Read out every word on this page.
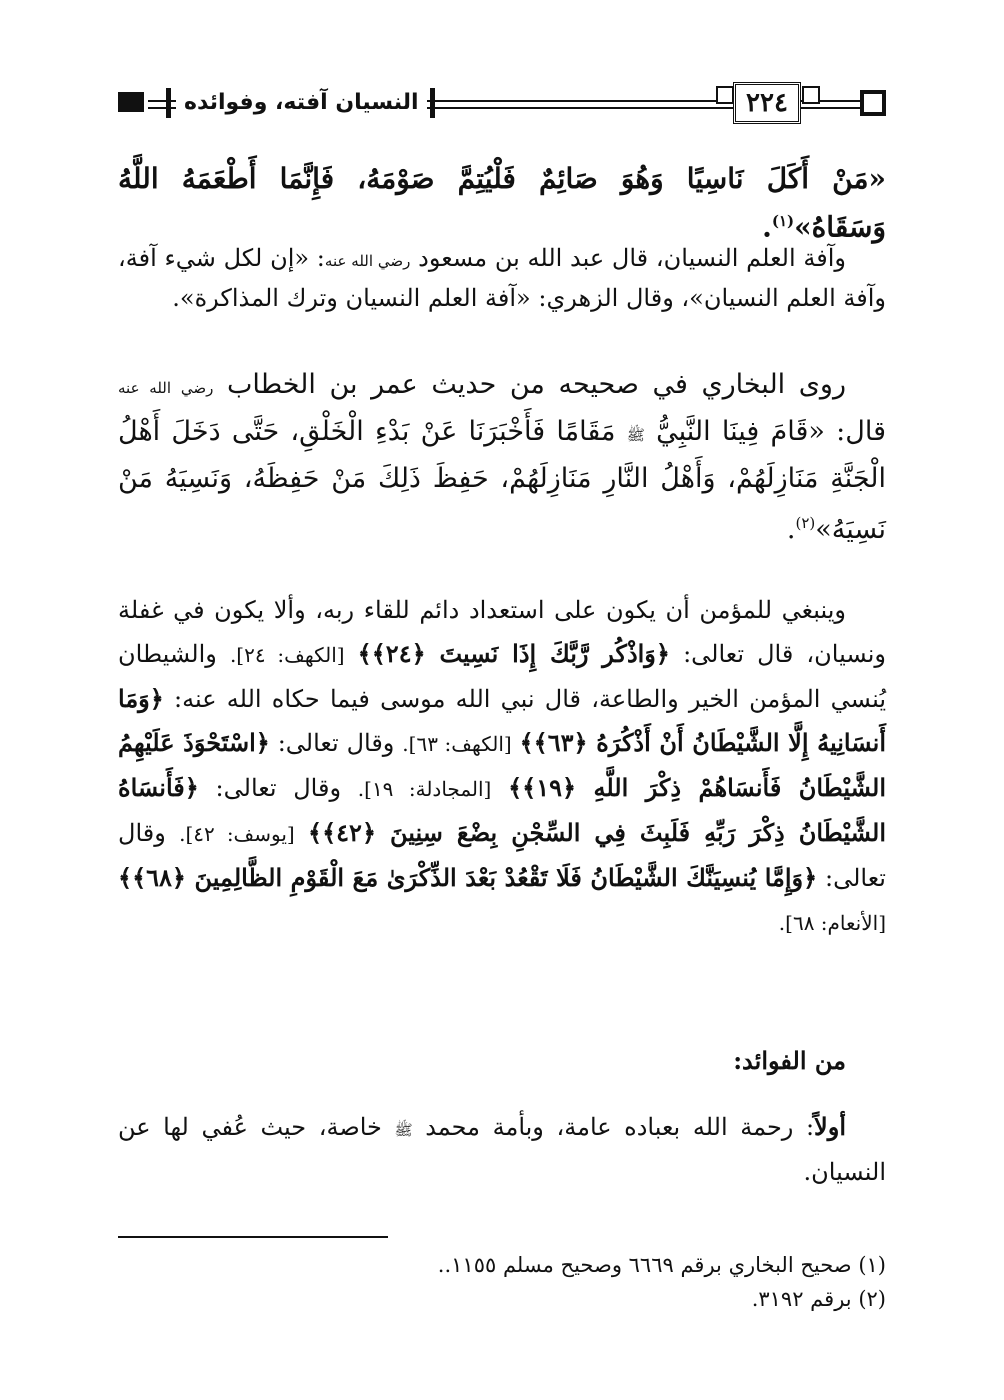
٢٢٤
النسيان آفته، وفوائده

«مَنْ أَكَلَ نَاسِيًا وَهُوَ صَائِمٌ فَلْيُتِمَّ صَوْمَهُ، فَإِنَّمَا أَطْعَمَهُ اللَّهُ وَسَقَاهُ»$^{(١)}$.

وآفة العلم النسيان، قال عبد الله بن مسعود رضي الله عنه: «إن لكل شيء آفة، وآفة العلم النسيان»، وقال الزهري: «آفة العلم النسيان وترك المذاكرة».

روى البخاري في صحيحه من حديث عمر بن الخطاب رضي الله عنه قال: «قَامَ فِينَا النَّبِيُّ ﷺ مَقَامًا فَأَخْبَرَنَا عَنْ بَدْءِ الْخَلْقِ، حَتَّى دَخَلَ أَهْلُ الْجَنَّةِ مَنَازِلَهُمْ، وَأَهْلُ النَّارِ مَنَازِلَهُمْ، حَفِظَ ذَلِكَ مَنْ حَفِظَهُ، وَنَسِيَهُ مَنْ نَسِيَهُ»$^{(٢)}$.

وينبغي للمؤمن أن يكون على استعداد دائم للقاء ربه، وألا يكون في غفلة ونسيان، قال تعالى: ﴿وَاذْكُر رَّبَّكَ إِذَا نَسِيتَ ﴿٢٤﴾﴾ [الكهف: ٢٤]. والشيطان يُنسي المؤمن الخير والطاعة، قال نبي الله موسى فيما حكاه الله عنه: ﴿وَمَا أَنسَانِيهُ إِلَّا الشَّيْطَانُ أَنْ أَذْكُرَهُ ﴿٦٣﴾﴾ [الكهف: ٦٣]. وقال تعالى: ﴿اسْتَحْوَذَ عَلَيْهِمُ الشَّيْطَانُ فَأَنسَاهُمْ ذِكْرَ اللَّهِ ﴿١٩﴾﴾ [المجادلة: ١٩]. وقال تعالى: ﴿فَأَنسَاهُ الشَّيْطَانُ ذِكْرَ رَبِّهِ فَلَبِثَ فِي السِّجْنِ بِضْعَ سِنِينَ ﴿٤٢﴾﴾ [يوسف: ٤٢]. وقال تعالى: ﴿وَإِمَّا يُنسِيَنَّكَ الشَّيْطَانُ فَلَا تَقْعُدْ بَعْدَ الذِّكْرَىٰ مَعَ الْقَوْمِ الظَّالِمِينَ ﴿٦٨﴾﴾ [الأنعام: ٦٨].

من الفوائد:

أولاً: رحمة الله بعباده عامة، وبأمة محمد ﷺ خاصة، حيث عُفي لها عن النسيان.

(١) صحيح البخاري برقم ٦٦٦٩ وصحيح مسلم ١١٥٥..

(٢) برقم ٣١٩٢.
